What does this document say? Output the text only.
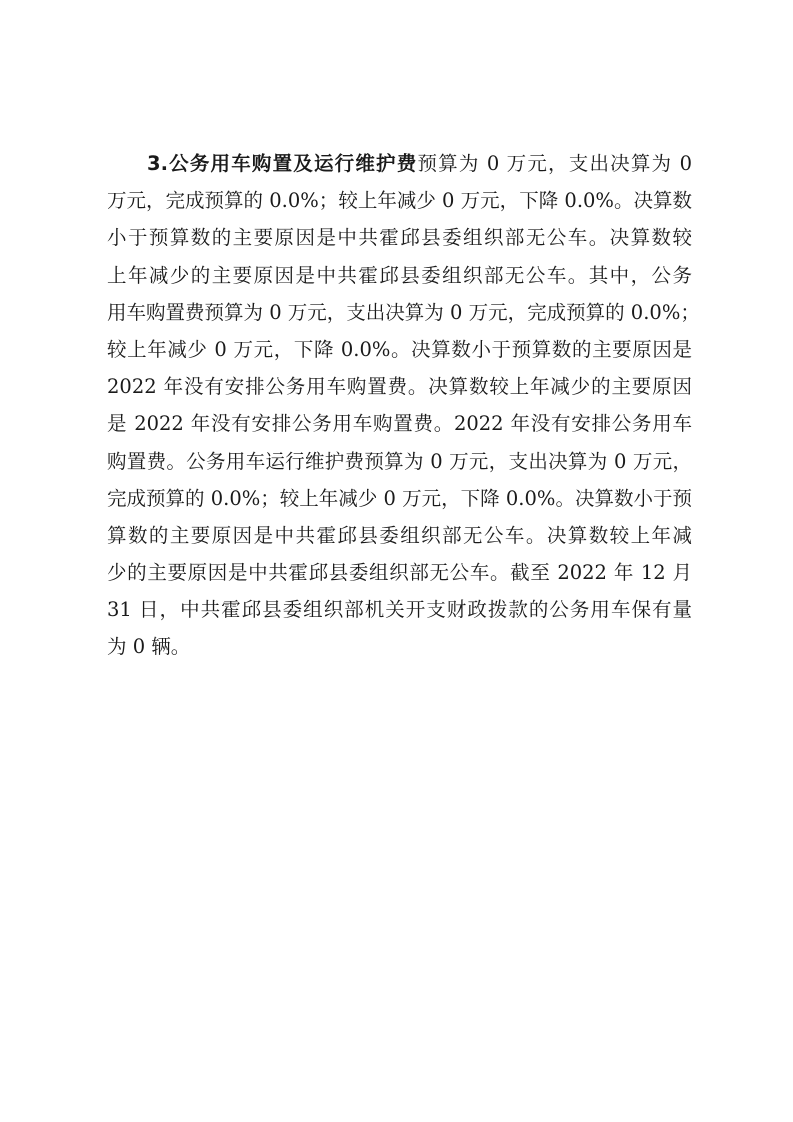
3.公务用车购置及运行维护费预算为 0 万元，支出决算为 0
万元，完成预算的 0.0%；较上年减少 0 万元，下降 0.0%。决算数
小于预算数的主要原因是中共霍邱县委组织部无公车。决算数较
上年减少的主要原因是中共霍邱县委组织部无公车。其中，公务
用车购置费预算为 0 万元，支出决算为 0 万元，完成预算的 0.0%；
较上年减少 0 万元，下降 0.0%。决算数小于预算数的主要原因是
2022 年没有安排公务用车购置费。决算数较上年减少的主要原因
是 2022 年没有安排公务用车购置费。2022 年没有安排公务用车
购置费。公务用车运行维护费预算为 0 万元，支出决算为 0 万元，
完成预算的 0.0%；较上年减少 0 万元，下降 0.0%。决算数小于预
算数的主要原因是中共霍邱县委组织部无公车。决算数较上年减
少的主要原因是中共霍邱县委组织部无公车。截至 2022 年 12 月
31 日，中共霍邱县委组织部机关开支财政拨款的公务用车保有量
为 0 辆。
